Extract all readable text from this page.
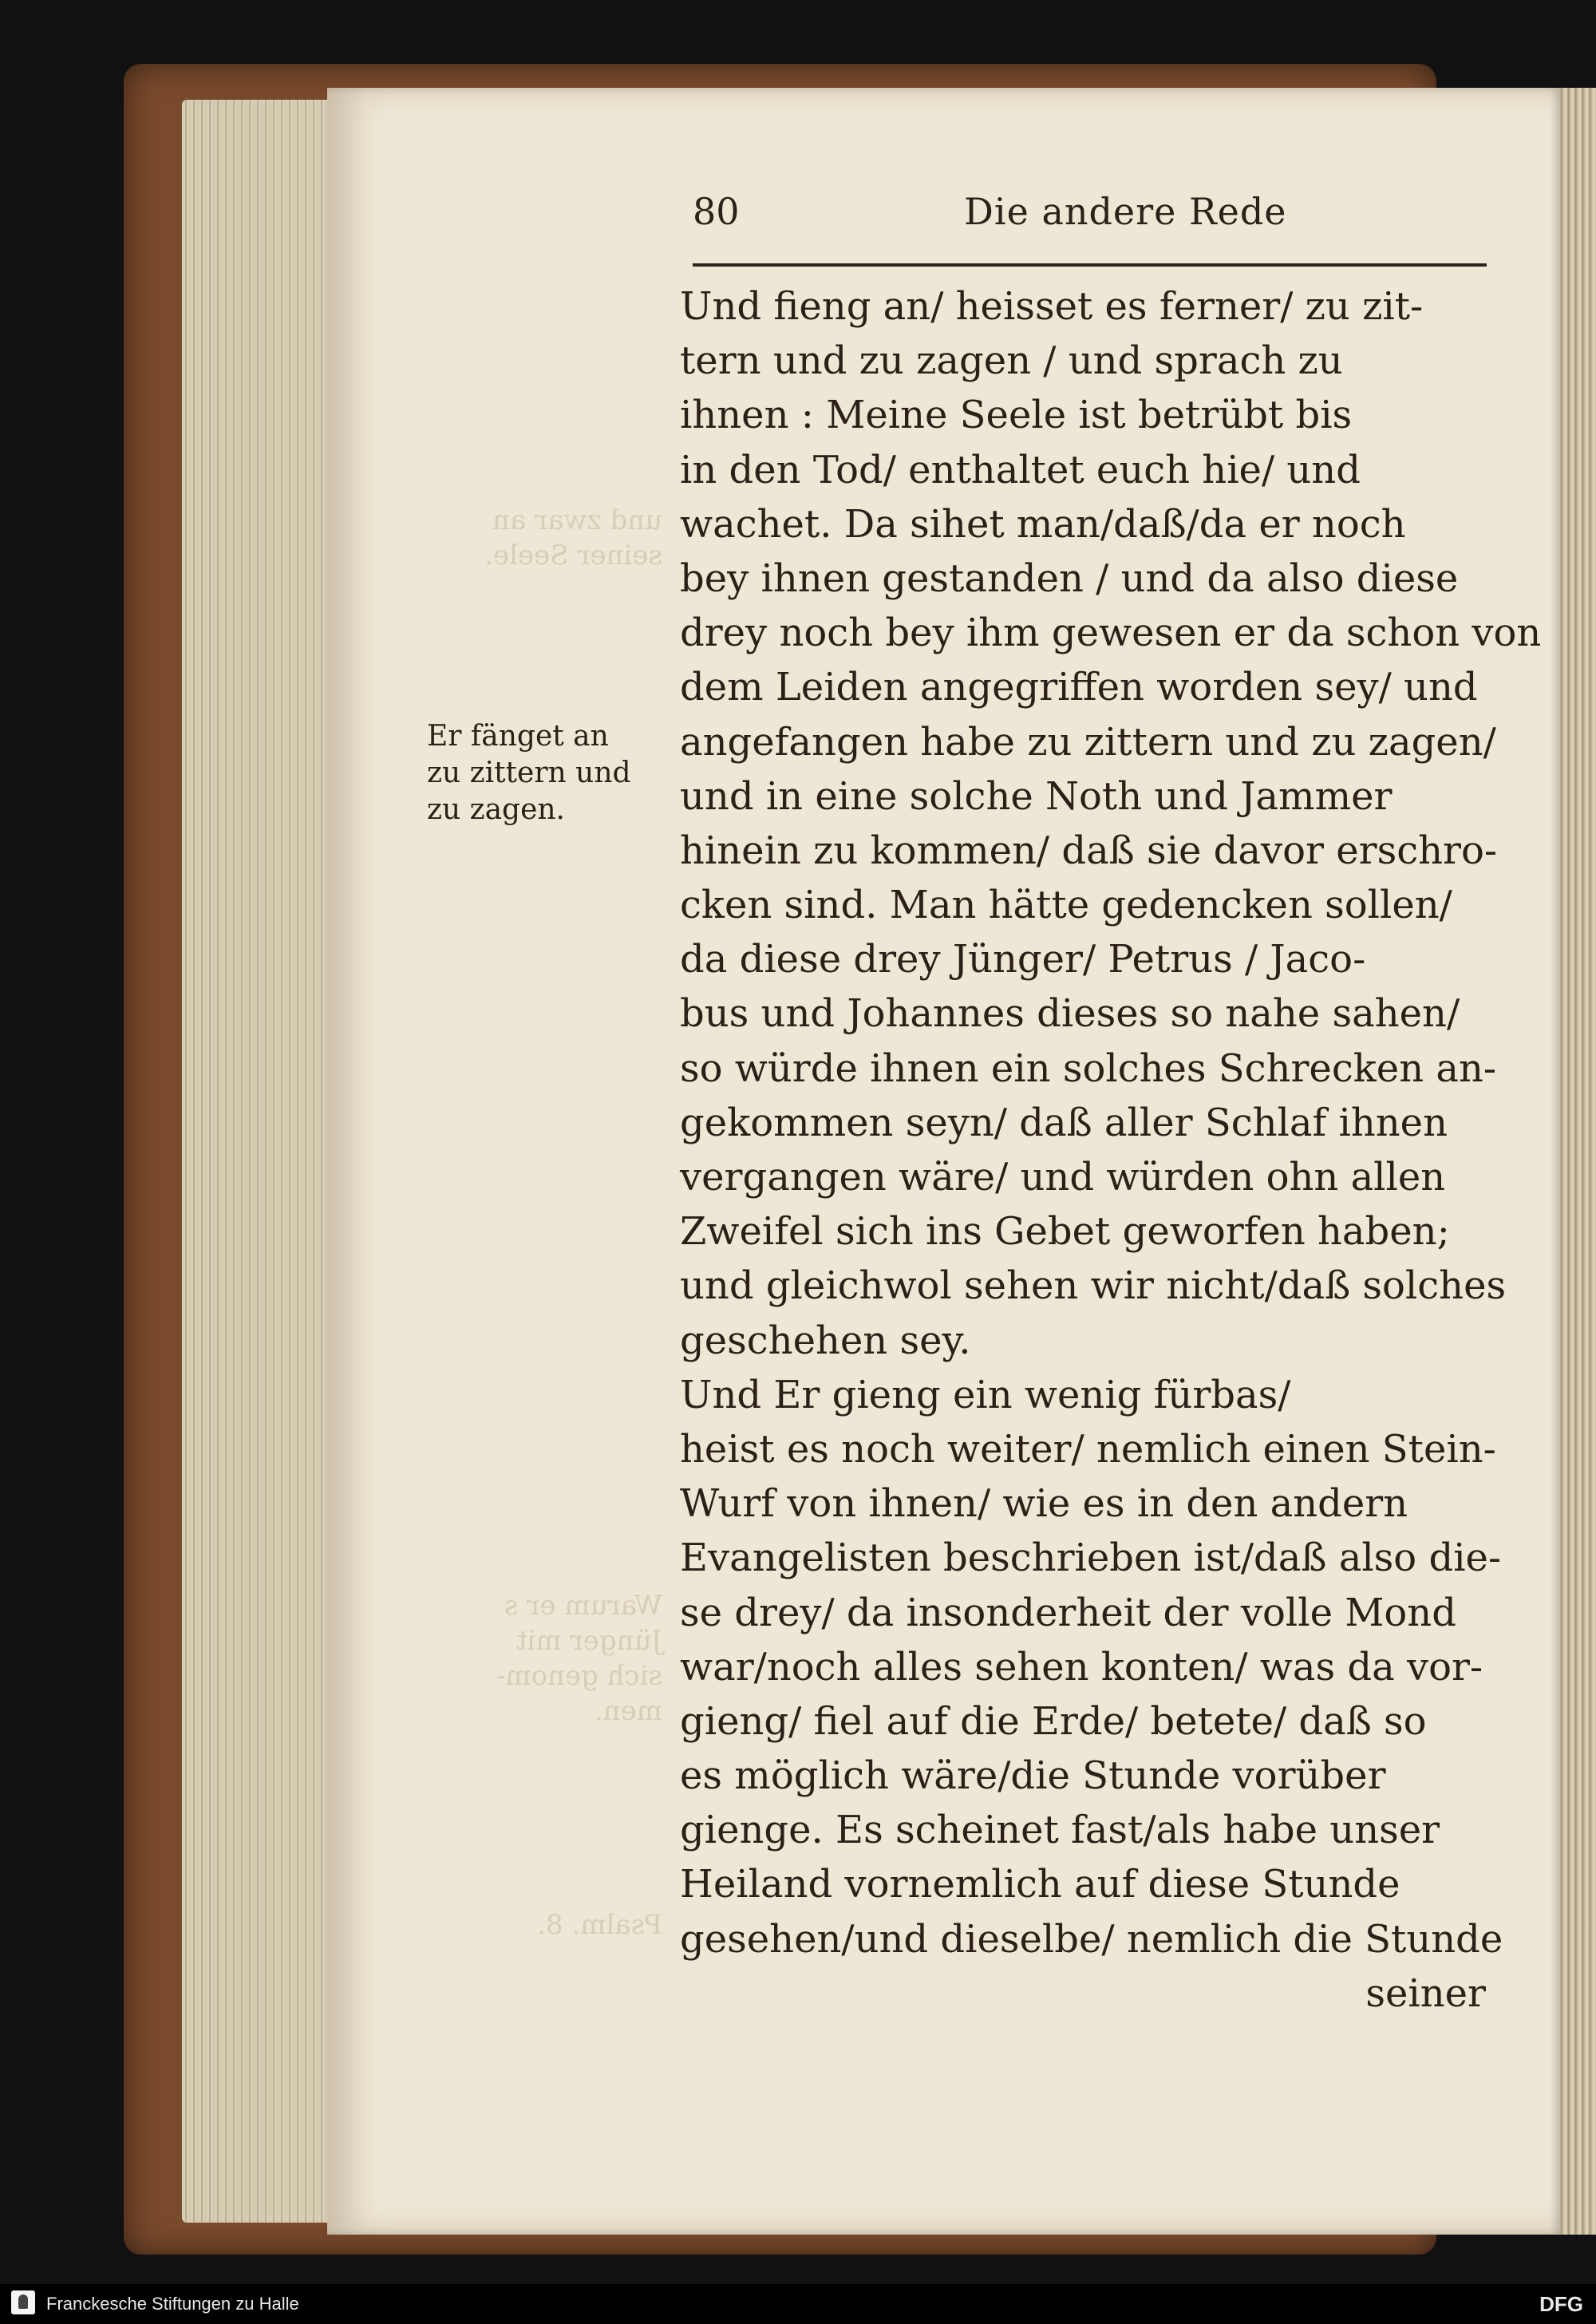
und zwar an
seiner Seele.
Warum er s
Jünger mit
sich genom-
men.
Psalm. 8.
80	Die andere Rede
Er fänget an
zu zittern und
zu zagen.
Und fieng an/ heisset es ferner/ zu zit-
tern und zu zagen / und sprach zu
ihnen : Meine Seele ist betrübt bis
in den Tod/ enthaltet euch hie/ und
wachet. Da sihet man/daß/da er noch
bey ihnen gestanden / und da also diese
drey noch bey ihm gewesen er da schon von
dem Leiden angegriffen worden sey/ und
angefangen habe zu zittern und zu zagen/
und in eine solche Noth und Jammer
hinein zu kommen/ daß sie davor erschro-
cken sind. Man hätte gedencken sollen/
da diese drey Jünger/ Petrus / Jaco-
bus und Johannes dieses so nahe sahen/
so würde ihnen ein solches Schrecken an-
gekommen seyn/ daß aller Schlaf ihnen
vergangen wäre/ und würden ohn allen
Zweifel sich ins Gebet geworfen haben;
und gleichwol sehen wir nicht/daß solches
geschehen sey.
Und Er gieng ein wenig fürbas/
heist es noch weiter/ nemlich einen Stein-
Wurf von ihnen/ wie es in den andern
Evangelisten beschrieben ist/daß also die-
se drey/ da insonderheit der volle Mond
war/noch alles sehen konten/ was da vor-
gieng/ fiel auf die Erde/ betete/ daß so
es möglich wäre/die Stunde vorüber
gienge. Es scheinet fast/als habe unser
Heiland vornemlich auf diese Stunde
gesehen/und dieselbe/ nemlich die Stunde
seiner
Franckesche Stiftungen zu Halle	DFG
